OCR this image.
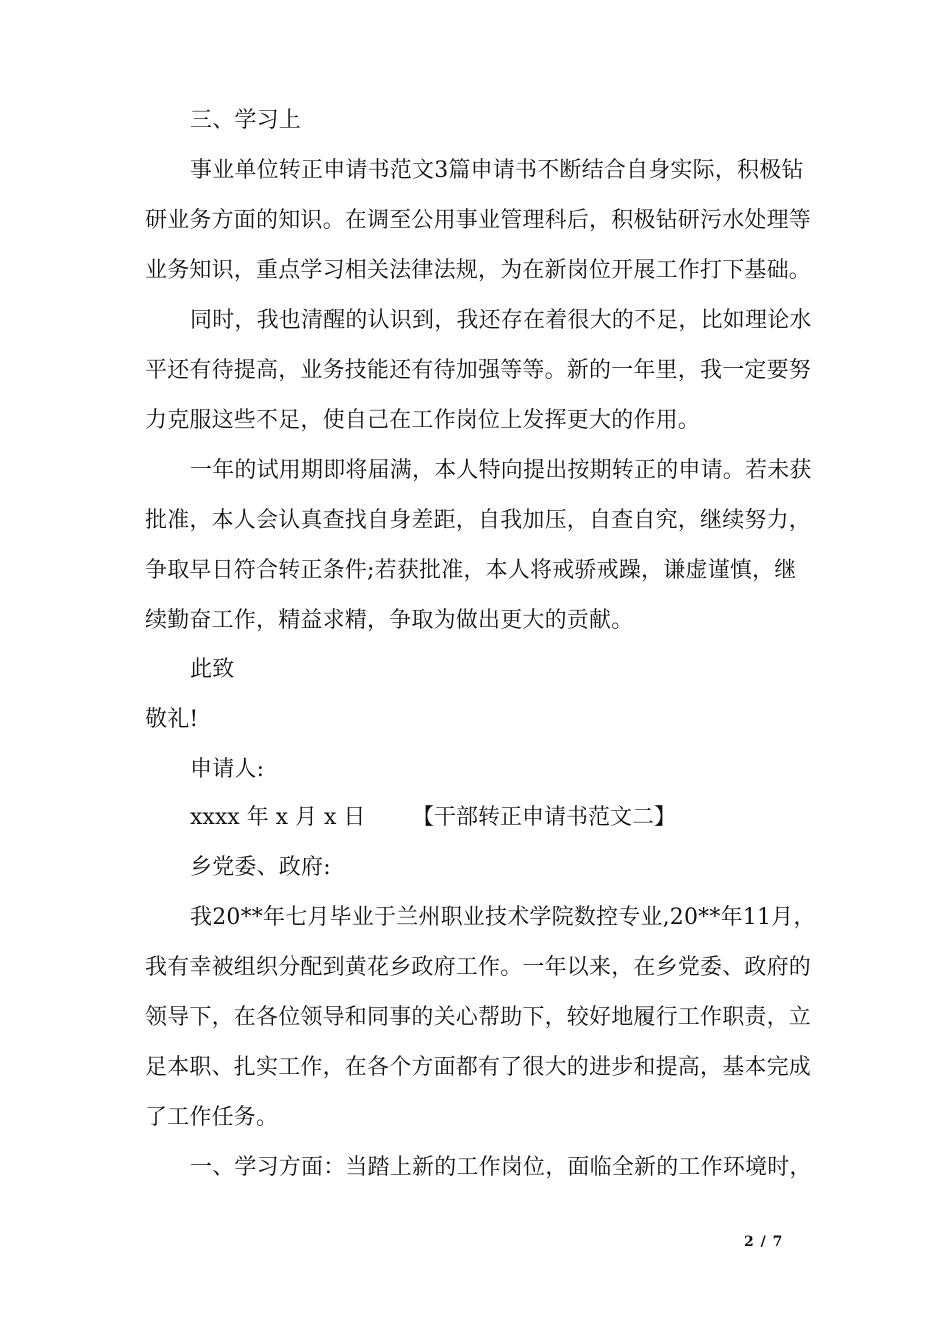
三、学习上
事业单位转正申请书范文3篇申请书不断结合自身实际，积极钻
研业务方面的知识。在调至公用事业管理科后，积极钻研污水处理等
业务知识，重点学习相关法律法规，为在新岗位开展工作打下基础。
同时，我也清醒的认识到，我还存在着很大的不足，比如理论水
平还有待提高，业务技能还有待加强等等。新的一年里，我一定要努
力克服这些不足，使自己在工作岗位上发挥更大的作用。
一年的试用期即将届满，本人特向提出按期转正的申请。若未获
批准，本人会认真查找自身差距，自我加压，自查自究，继续努力，
争取早日符合转正条件;若获批准，本人将戒骄戒躁，谦虚谨慎，继
续勤奋工作，精益求精，争取为做出更大的贡献。
此致
敬礼!
申请人:
xxxx 年 x 月 x 日 【干部转正申请书范文二】
乡党委、政府:
我20**年七月毕业于兰州职业技术学院数控专业,20**年11月，
我有幸被组织分配到黄花乡政府工作。一年以来，在乡党委、政府的
领导下，在各位领导和同事的关心帮助下，较好地履行工作职责，立
足本职、扎实工作，在各个方面都有了很大的进步和提高，基本完成
了工作任务。
一、学习方面：当踏上新的工作岗位，面临全新的工作环境时，
2 / 7
